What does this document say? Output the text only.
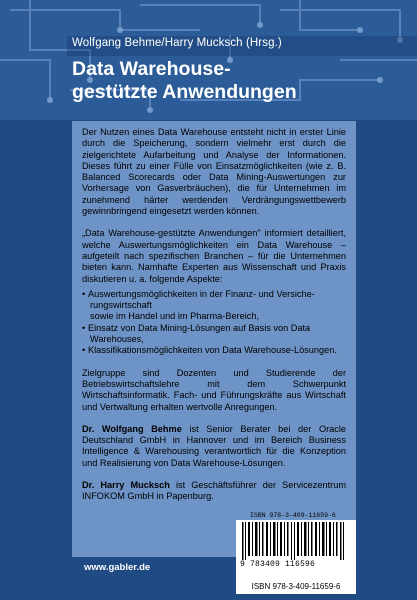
Wolfgang Behme/Harry Mucksch (Hrsg.)
Data Warehouse-
gestützte Anwendungen

Der Nutzen eines Data Warehouse entsteht nicht in erster Linie durch die Speicherung, sondern vielmehr erst durch die zielgerichtete Aufarbeitung und Analyse der Informationen. Dieses führt zu einer Fülle von Einsatzmöglichkeiten (wie z. B. Balanced Scorecards oder Data Mining-Auswertungen zur Vorhersage von Gasverbräuchen), die für Unternehmen im zunehmend härter werdenden Verdrängungswettbewerb gewinnbringend eingesetzt werden können.

„Data Warehouse-gestützte Anwendungen" informiert detailliert, welche Auswertungsmöglichkeiten ein Data Warehouse – aufgeteilt nach spezifischen Branchen – für die Unternehmen bieten kann. Namhafte Experten aus Wissenschaft und Praxis diskutieren u. a. folgende Aspekte:

• Auswertungsmöglichkeiten in der Finanz- und Versiche-
rungswirtschaft
sowie im Handel und im Pharma-Bereich,
• Einsatz von Data Mining-Lösungen auf Basis von Data
Warehouses,
• Klassifikationsmöglichkeiten von Data Warehouse-Lösungen.

Zielgruppe sind Dozenten und Studierende der Betriebswirtschaftslehre mit dem Schwerpunkt Wirtschaftsinformatik. Fach- und Führungskräfte aus Wirtschaft und Vertwaltung erhalten wertvolle Anregungen.

Dr. Wolfgang Behme ist Senior Berater bei der Oracle Deutschland GmbH in Hannover und im Bereich Business Intelligence & Warehousing verantwortlich für die Konzeption und Realisierung von Data Warehouse-Lösungen.

Dr. Harry Mucksch ist Geschäftsführer der Servicezentrum INFOKOM GmbH in Papenburg.

ISBN 978-3-409-11659-6
9 783409 116596
ISBN 978-3-409-11659-6
www.gabler.de
